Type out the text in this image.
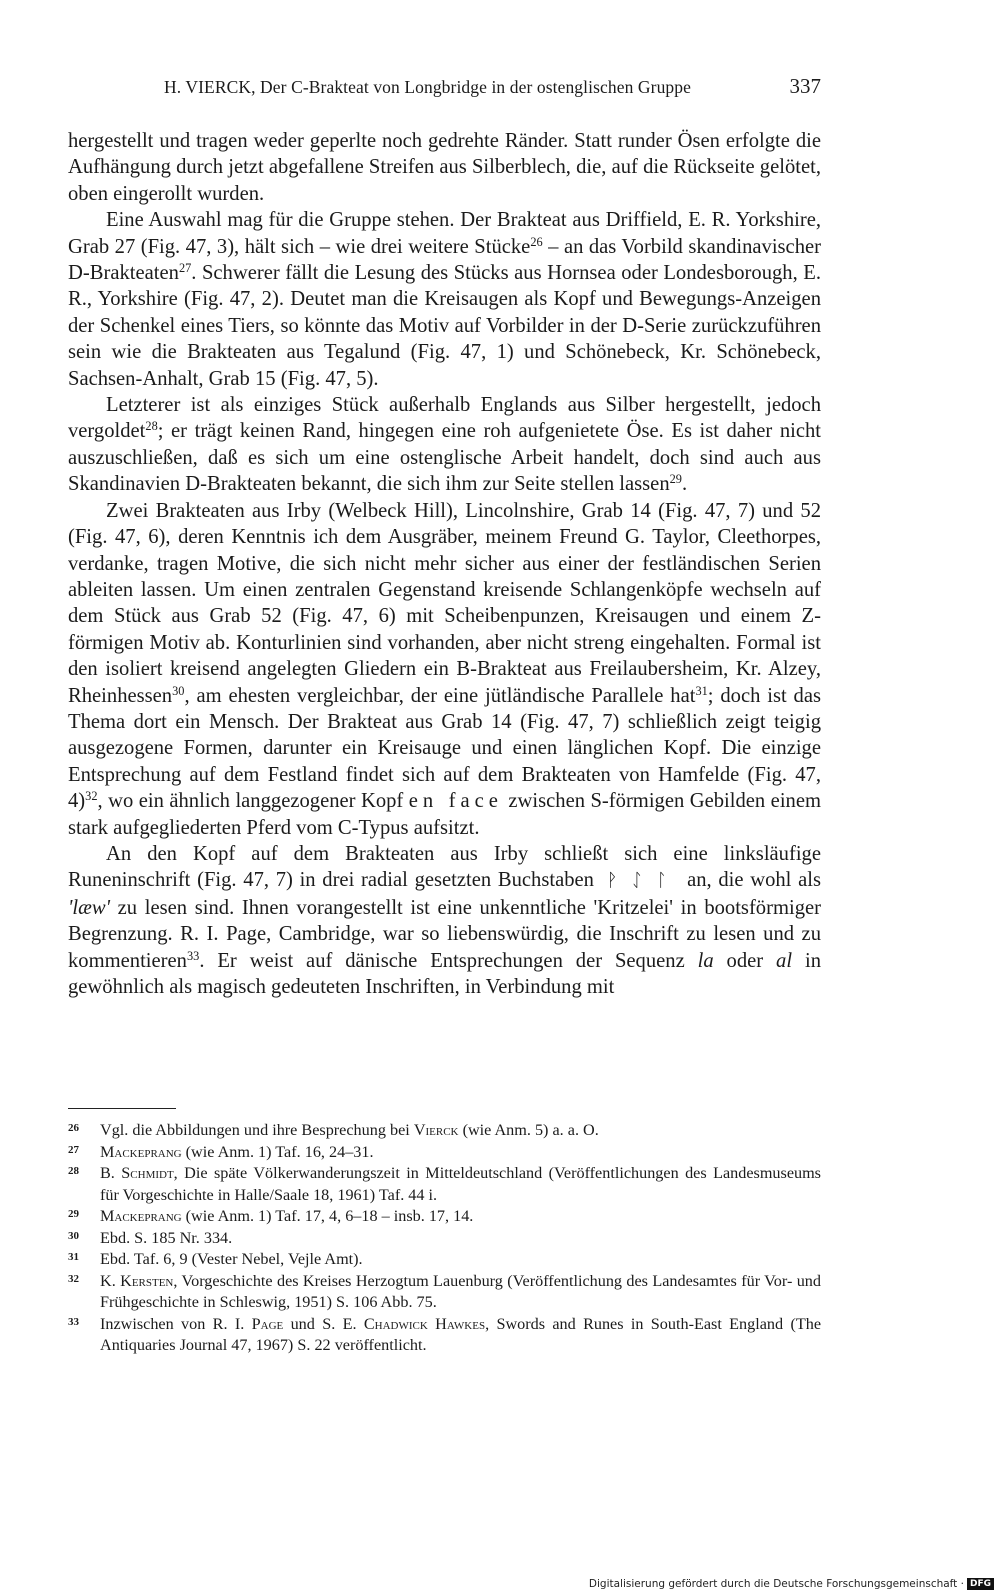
H. VIERCK, Der C-Brakteat von Longbridge in der ostenglischen Gruppe	337

hergestellt und tragen weder geperlte noch gedrehte Ränder. Statt runder Ösen erfolgte die Aufhängung durch jetzt abgefallene Streifen aus Silberblech, die, auf die Rückseite gelötet, oben eingerollt wurden.

Eine Auswahl mag für die Gruppe stehen. Der Brakteat aus Driffield, E. R. Yorkshire, Grab 27 (Fig. 47, 3), hält sich – wie drei weitere Stücke$^{26}$ – an das Vorbild skandinavischer D-Brakteaten$^{27}$. Schwerer fällt die Lesung des Stücks aus Hornsea oder Londesborough, E. R., Yorkshire (Fig. 47, 2). Deutet man die Kreisaugen als Kopf und Bewegungs-Anzeigen der Schenkel eines Tiers, so könnte das Motiv auf Vorbilder in der D-Serie zurückzuführen sein wie die Brakteaten aus Tegalund (Fig. 47, 1) und Schönebeck, Kr. Schönebeck, Sachsen-Anhalt, Grab 15 (Fig. 47, 5).

Letzterer ist als einziges Stück außerhalb Englands aus Silber hergestellt, jedoch vergoldet$^{28}$; er trägt keinen Rand, hingegen eine roh aufgenietete Öse. Es ist daher nicht auszuschließen, daß es sich um eine ostenglische Arbeit handelt, doch sind auch aus Skandinavien D-Brakteaten bekannt, die sich ihm zur Seite stellen lassen$^{29}$.

Zwei Brakteaten aus Irby (Welbeck Hill), Lincolnshire, Grab 14 (Fig. 47, 7) und 52 (Fig. 47, 6), deren Kenntnis ich dem Ausgräber, meinem Freund G. Taylor, Cleethorpes, verdanke, tragen Motive, die sich nicht mehr sicher aus einer der festländischen Serien ableiten lassen. Um einen zentralen Gegenstand kreisende Schlangenköpfe wechseln auf dem Stück aus Grab 52 (Fig. 47, 6) mit Scheibenpunzen, Kreisaugen und einem Z-förmigen Motiv ab. Konturlinien sind vorhanden, aber nicht streng eingehalten. Formal ist den isoliert kreisend angelegten Gliedern ein B-Brakteat aus Freilaubersheim, Kr. Alzey, Rheinhessen$^{30}$, am ehesten vergleichbar, der eine jütländische Parallele hat$^{31}$; doch ist das Thema dort ein Mensch. Der Brakteat aus Grab 14 (Fig. 47, 7) schließlich zeigt teigig ausgezogene Formen, darunter ein Kreisauge und einen länglichen Kopf. Die einzige Entsprechung auf dem Festland findet sich auf dem Brakteaten von Hamfelde (Fig. 47, 4)$^{32}$, wo ein ähnlich langgezogener Kopf en face zwischen S-förmigen Gebilden einem stark aufgegliederten Pferd vom C-Typus aufsitzt.

An den Kopf auf dem Brakteaten aus Irby schließt sich eine linksläufige Runeninschrift (Fig. 47, 7) in drei radial gesetzten Buchstaben ᚹᛇᛚ an, die wohl als 'læw' zu lesen sind. Ihnen vorangestellt ist eine unkenntliche 'Kritzelei' in bootsförmiger Begrenzung. R. I. Page, Cambridge, war so liebenswürdig, die Inschrift zu lesen und zu kommentieren$^{33}$. Er weist auf dänische Entsprechungen der Sequenz la oder al in gewöhnlich als magisch gedeuteten Inschriften, in Verbindung mit

26 Vgl. die Abbildungen und ihre Besprechung bei Vierck (wie Anm. 5) a. a. O.
27 Mackeprang (wie Anm. 1) Taf. 16, 24–31.
28 B. Schmidt, Die späte Völkerwanderungszeit in Mitteldeutschland (Veröffentlichungen des Landesmuseums für Vorgeschichte in Halle/Saale 18, 1961) Taf. 44 i.
29 Mackeprang (wie Anm. 1) Taf. 17, 4, 6–18 – insb. 17, 14.
30 Ebd. S. 185 Nr. 334.
31 Ebd. Taf. 6, 9 (Vester Nebel, Vejle Amt).
32 K. Kersten, Vorgeschichte des Kreises Herzogtum Lauenburg (Veröffentlichung des Landesamtes für Vor- und Frühgeschichte in Schleswig, 1951) S. 106 Abb. 75.
33 Inzwischen von R. I. Page und S. E. Chadwick Hawkes, Swords and Runes in South-East England (The Antiquaries Journal 47, 1967) S. 22 veröffentlicht.
Digitalisierung gefördert durch die Deutsche Forschungsgemeinschaft · DFG
